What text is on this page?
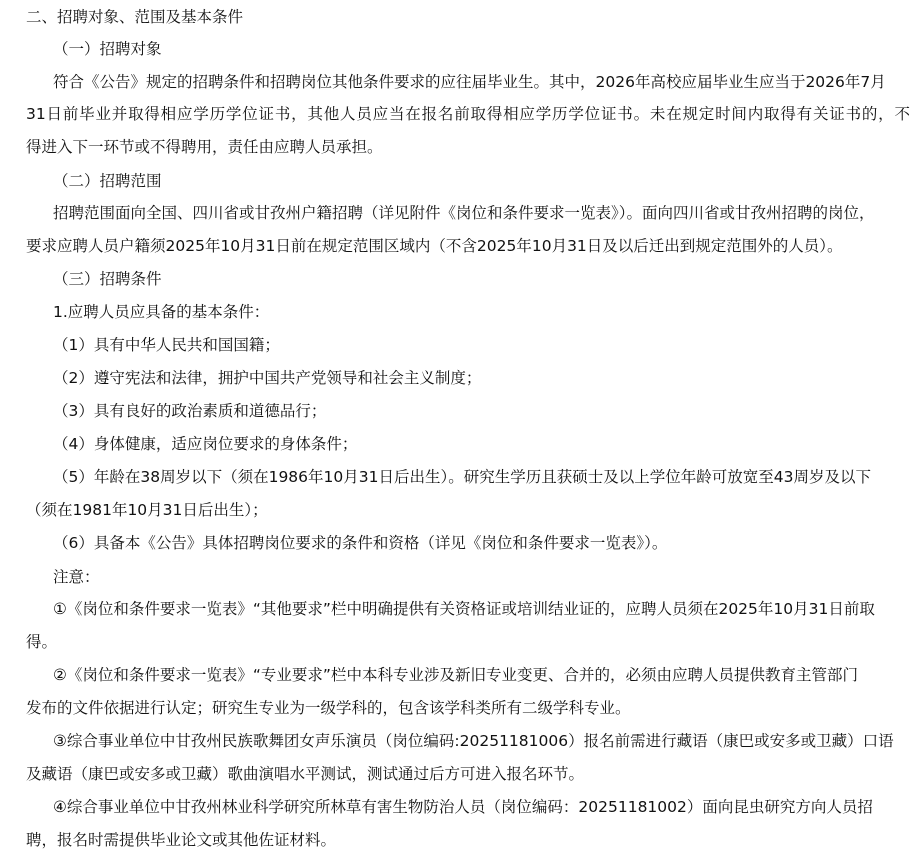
二、招聘对象、范围及基本条件
（一）招聘对象
符合《公告》规定的招聘条件和招聘岗位其他条件要求的应往届毕业生。其中，2026年高校应届毕业生应当于2026年7月
31日前毕业并取得相应学历学位证书，其他人员应当在报名前取得相应学历学位证书。未在规定时间内取得有关证书的，不
得进入下一环节或不得聘用，责任由应聘人员承担。
（二）招聘范围
招聘范围面向全国、四川省或甘孜州户籍招聘（详见附件《岗位和条件要求一览表》）。面向四川省或甘孜州招聘的岗位，
要求应聘人员户籍须2025年10月31日前在规定范围区域内（不含2025年10月31日及以后迁出到规定范围外的人员）。
（三）招聘条件
1.应聘人员应具备的基本条件：
（1）具有中华人民共和国国籍；
（2）遵守宪法和法律，拥护中国共产党领导和社会主义制度；
（3）具有良好的政治素质和道德品行；
（4）身体健康，适应岗位要求的身体条件；
（5）年龄在38周岁以下（须在1986年10月31日后出生）。研究生学历且获硕士及以上学位年龄可放宽至43周岁及以下
（须在1981年10月31日后出生）；
（6）具备本《公告》具体招聘岗位要求的条件和资格（详见《岗位和条件要求一览表》）。
注意：
①《岗位和条件要求一览表》“其他要求”栏中明确提供有关资格证或培训结业证的，应聘人员须在2025年10月31日前取
得。
②《岗位和条件要求一览表》“专业要求”栏中本科专业涉及新旧专业变更、合并的，必须由应聘人员提供教育主管部门
发布的文件依据进行认定；研究生专业为一级学科的，包含该学科类所有二级学科专业。
③综合事业单位中甘孜州民族歌舞团女声乐演员（岗位编码:20251181006）报名前需进行藏语（康巴或安多或卫藏）口语
及藏语（康巴或安多或卫藏）歌曲演唱水平测试，测试通过后方可进入报名环节。
④综合事业单位中甘孜州林业科学研究所林草有害生物防治人员（岗位编码：20251181002）面向昆虫研究方向人员招
聘，报名时需提供毕业论文或其他佐证材料。
